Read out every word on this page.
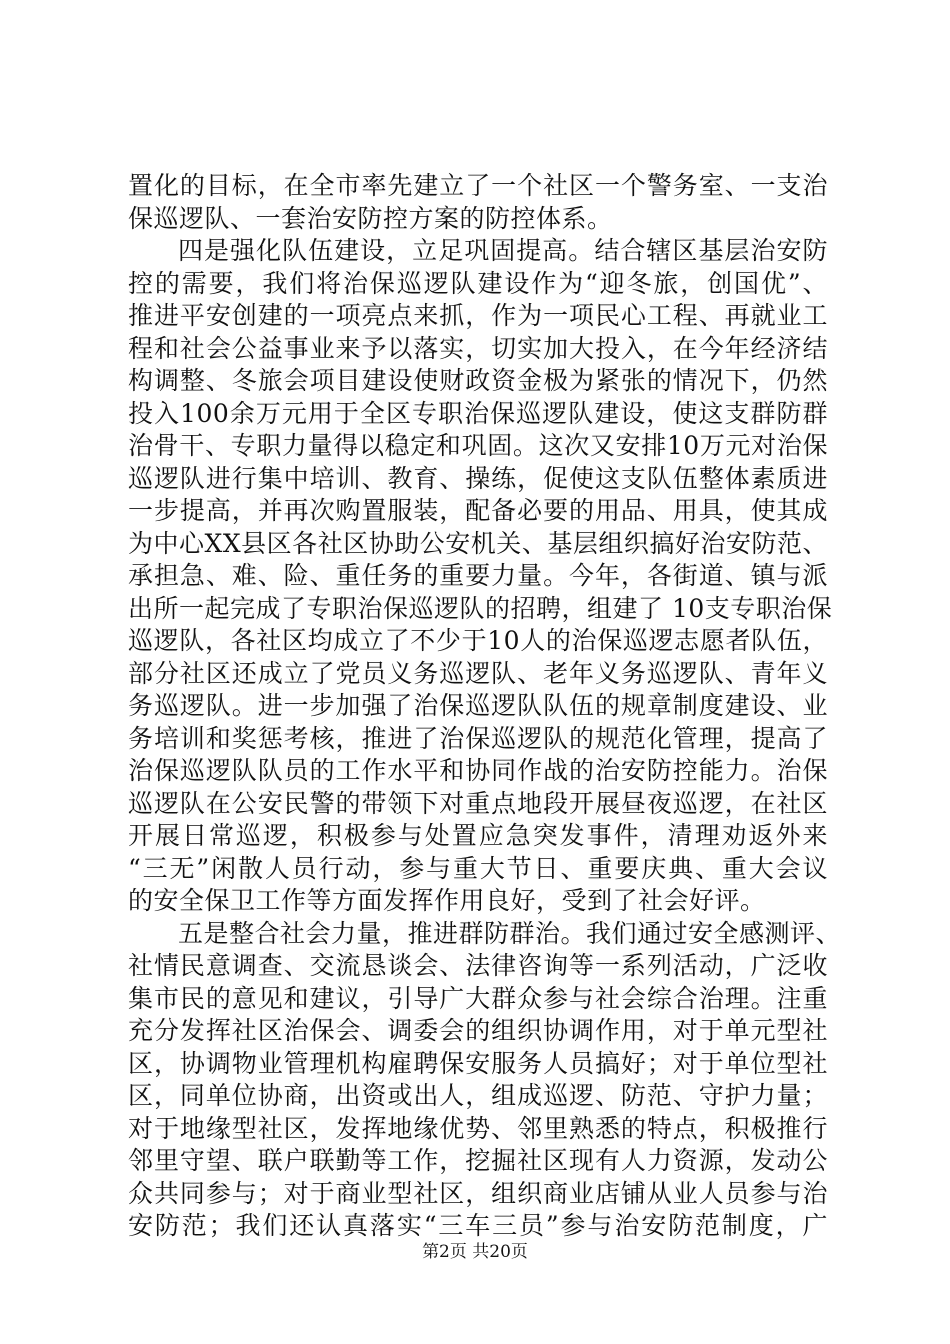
置化的目标，在全市率先建立了一个社区一个警务室、一支治
保巡逻队、一套治安防控方案的防控体系。
四是强化队伍建设，立足巩固提高。结合辖区基层治安防
控的需要，我们将治保巡逻队建设作为“迎冬旅，创国优”、
推进平安创建的一项亮点来抓，作为一项民心工程、再就业工
程和社会公益事业来予以落实，切实加大投入，在今年经济结
构调整、冬旅会项目建设使财政资金极为紧张的情况下，仍然
投入100余万元用于全区专职治保巡逻队建设，使这支群防群
治骨干、专职力量得以稳定和巩固。这次又安排10万元对治保
巡逻队进行集中培训、教育、操练，促使这支队伍整体素质进
一步提高，并再次购置服装，配备必要的用品、用具，使其成
为中心XX县区各社区协助公安机关、基层组织搞好治安防范、
承担急、难、险、重任务的重要力量。今年，各街道、镇与派
出所一起完成了专职治保巡逻队的招聘，组建了 10支专职治保
巡逻队，各社区均成立了不少于10人的治保巡逻志愿者队伍，
部分社区还成立了党员义务巡逻队、老年义务巡逻队、青年义
务巡逻队。进一步加强了治保巡逻队队伍的规章制度建设、业
务培训和奖惩考核，推进了治保巡逻队的规范化管理，提高了
治保巡逻队队员的工作水平和协同作战的治安防控能力。治保
巡逻队在公安民警的带领下对重点地段开展昼夜巡逻，在社区
开展日常巡逻，积极参与处置应急突发事件，清理劝返外来
“三无”闲散人员行动，参与重大节日、重要庆典、重大会议
的安全保卫工作等方面发挥作用良好，受到了社会好评。
五是整合社会力量，推进群防群治。我们通过安全感测评、
社情民意调查、交流恳谈会、法律咨询等一系列活动，广泛收
集市民的意见和建议，引导广大群众参与社会综合治理。注重
充分发挥社区治保会、调委会的组织协调作用，对于单元型社
区，协调物业管理机构雇聘保安服务人员搞好；对于单位型社
区，同单位协商，出资或出人，组成巡逻、防范、守护力量；
对于地缘型社区，发挥地缘优势、邻里熟悉的特点，积极推行
邻里守望、联户联勤等工作，挖掘社区现有人力资源，发动公
众共同参与；对于商业型社区，组织商业店铺从业人员参与治
安防范；我们还认真落实“三车三员”参与治安防范制度，广
第2页 共20页
